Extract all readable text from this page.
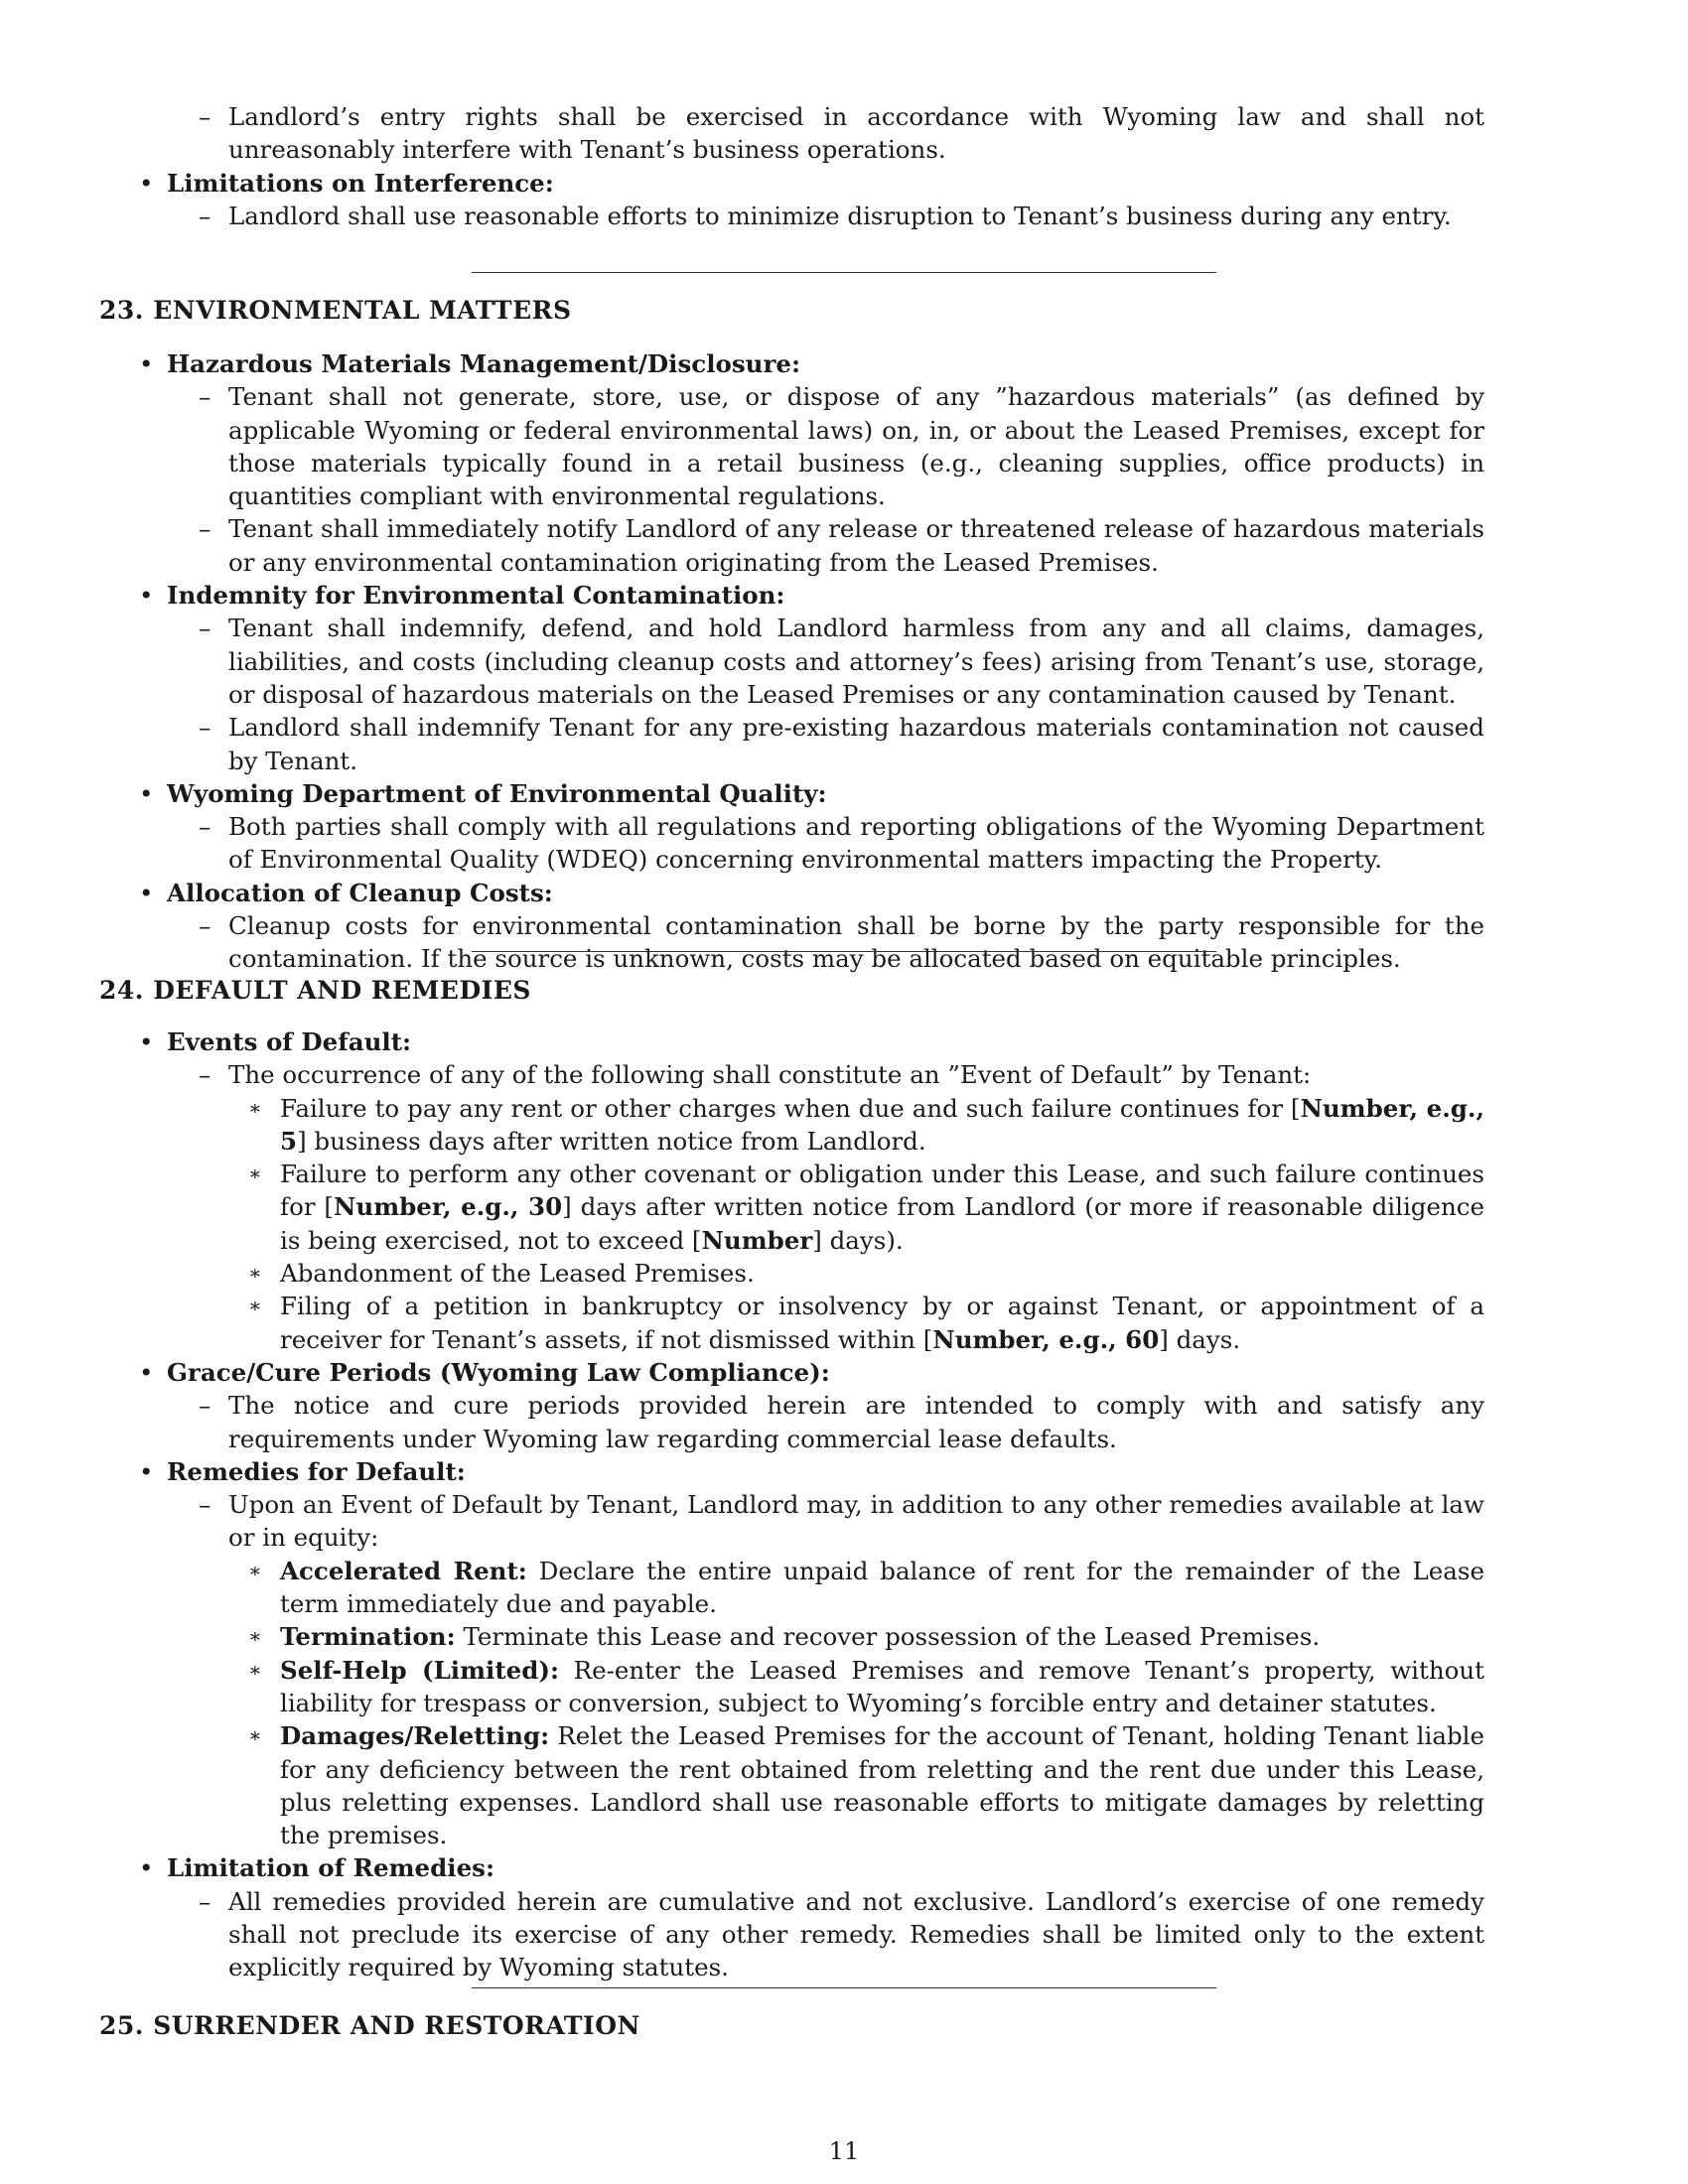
– Landlord’s entry rights shall be exercised in accordance with Wyoming law and shall not unreasonably interfere with Tenant’s business operations.
• Limitations on Interference:
– Landlord shall use reasonable efforts to minimize disruption to Tenant’s business during any entry.
23. ENVIRONMENTAL MATTERS
• Hazardous Materials Management/Disclosure:
– Tenant shall not generate, store, use, or dispose of any ”hazardous materials” (as defined by applicable Wyoming or federal environmental laws) on, in, or about the Leased Premises, except for those materials typically found in a retail business (e.g., cleaning supplies, office products) in quantities compliant with environmental regulations.
– Tenant shall immediately notify Landlord of any release or threatened release of hazardous materials or any environmental contamination originating from the Leased Premises.
• Indemnity for Environmental Contamination:
– Tenant shall indemnify, defend, and hold Landlord harmless from any and all claims, damages, liabilities, and costs (including cleanup costs and attorney’s fees) arising from Tenant’s use, storage, or disposal of hazardous materials on the Leased Premises or any contamination caused by Tenant.
– Landlord shall indemnify Tenant for any pre-existing hazardous materials contamination not caused by Tenant.
• Wyoming Department of Environmental Quality:
– Both parties shall comply with all regulations and reporting obligations of the Wyoming Department of Environmental Quality (WDEQ) concerning environmental matters impacting the Property.
• Allocation of Cleanup Costs:
– Cleanup costs for environmental contamination shall be borne by the party responsible for the contamination. If the source is unknown, costs may be allocated based on equitable principles.
24. DEFAULT AND REMEDIES
• Events of Default:
– The occurrence of any of the following shall constitute an ”Event of Default” by Tenant:
∗ Failure to pay any rent or other charges when due and such failure continues for [Number, e.g., 5] business days after written notice from Landlord.
∗ Failure to perform any other covenant or obligation under this Lease, and such failure continues for [Number, e.g., 30] days after written notice from Landlord (or more if reasonable diligence is being exercised, not to exceed [Number] days).
∗ Abandonment of the Leased Premises.
∗ Filing of a petition in bankruptcy or insolvency by or against Tenant, or appointment of a receiver for Tenant’s assets, if not dismissed within [Number, e.g., 60] days.
• Grace/Cure Periods (Wyoming Law Compliance):
– The notice and cure periods provided herein are intended to comply with and satisfy any requirements under Wyoming law regarding commercial lease defaults.
• Remedies for Default:
– Upon an Event of Default by Tenant, Landlord may, in addition to any other remedies available at law or in equity:
∗ Accelerated Rent: Declare the entire unpaid balance of rent for the remainder of the Lease term immediately due and payable.
∗ Termination: Terminate this Lease and recover possession of the Leased Premises.
∗ Self-Help (Limited): Re-enter the Leased Premises and remove Tenant’s property, without liability for trespass or conversion, subject to Wyoming’s forcible entry and detainer statutes.
∗ Damages/Reletting: Relet the Leased Premises for the account of Tenant, holding Tenant liable for any deficiency between the rent obtained from reletting and the rent due under this Lease, plus reletting expenses. Landlord shall use reasonable efforts to mitigate damages by reletting the premises.
• Limitation of Remedies:
– All remedies provided herein are cumulative and not exclusive. Landlord’s exercise of one remedy shall not preclude its exercise of any other remedy. Remedies shall be limited only to the extent explicitly required by Wyoming statutes.
25. SURRENDER AND RESTORATION
11
